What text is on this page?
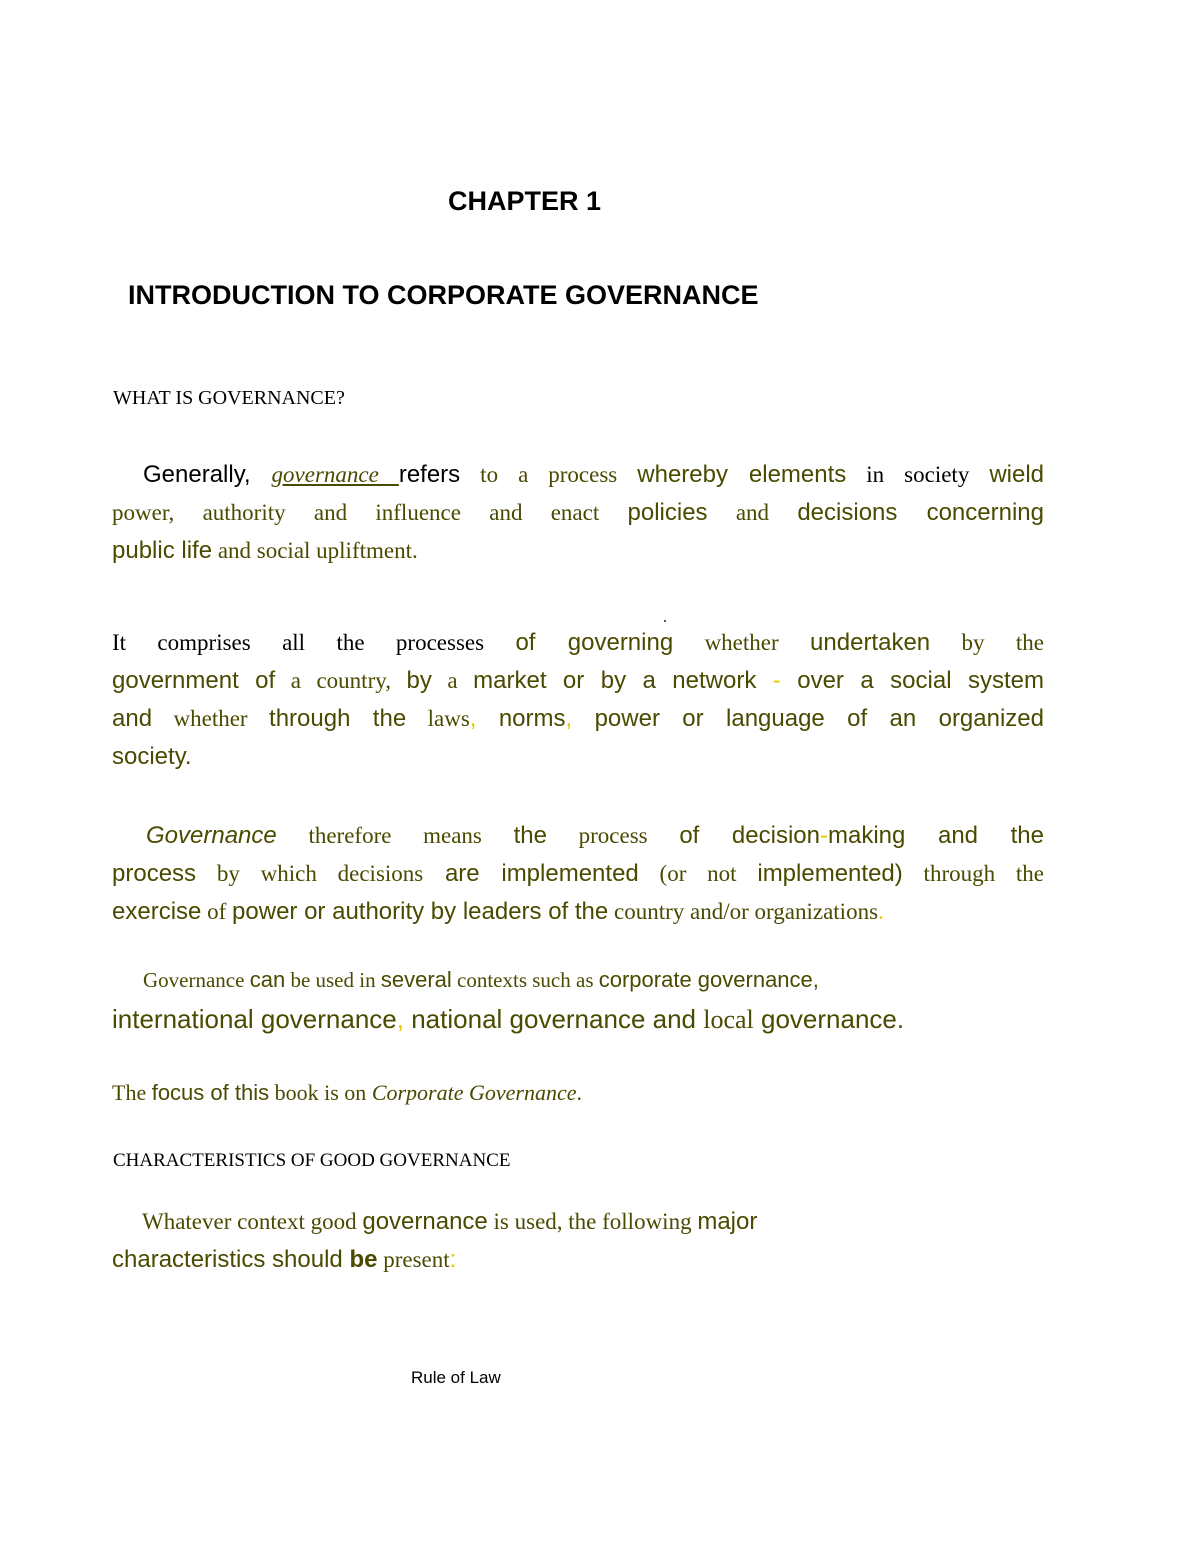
CHAPTER 1
INTRODUCTION TO CORPORATE GOVERNANCE
WHAT IS GOVERNANCE?
Generally, governance refers to a process whereby elements in society wield
power, authority and influence and enact policies and decisions concerning
public life and social upliftment.
It comprises all the processes of governing whether undertaken by the
government of a country, by a market or by a network - over a social system
and whether through the laws, norms, power or language of an organized
society.
Governance therefore means the process of decision-making and the
process by which decisions are implemented (or not implemented) through the
exercise of power or authority by leaders of the country and/or organizations.
Governance can be used in several contexts such as corporate governance,
international governance, national governance and local governance.
The focus of this book is on Corporate Governance.
CHARACTERISTICS OF GOOD GOVERNANCE
Whatever context good governance is used, the following major
characteristics should be present:
Rule of Law
